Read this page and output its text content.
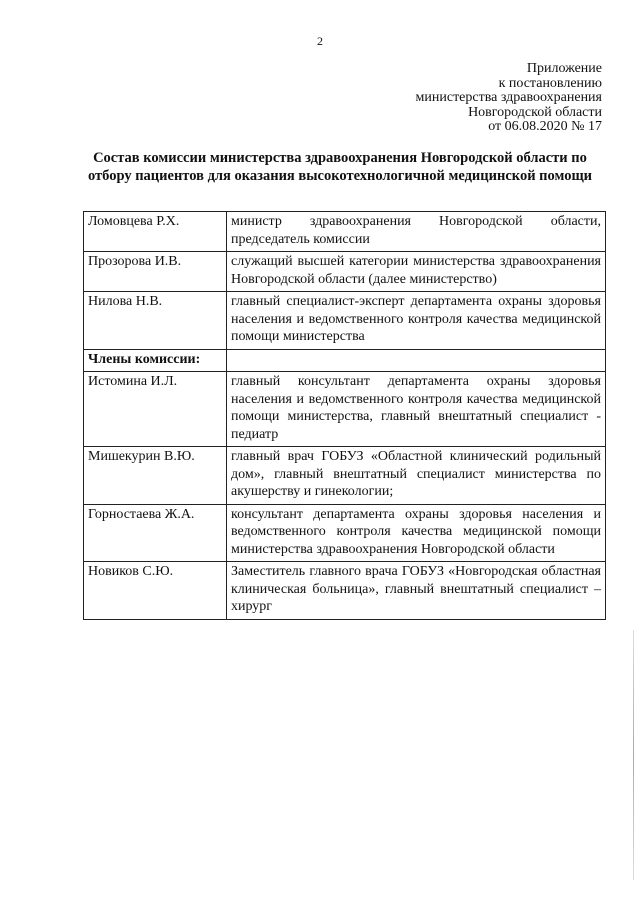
2
Приложение
к постановлению
министерства здравоохранения
Новгородской области
от 06.08.2020 № 17
Состав комиссии министерства здравоохранения Новгородской области по отбору пациентов для оказания высокотехнологичной медицинской помощи
Ломовцева Р.Х.	министр здравоохранения Новгородской области, председатель комиссии
Прозорова И.В.	служащий высшей категории министерства здравоохранения Новгородской области (далее министерство)
Нилова Н.В.	главный специалист-эксперт департамента охраны здоровья населения и ведомственного контроля качества медицинской помощи министерства
Члены комиссии:	
Истомина И.Л.	главный консультант департамента охраны здоровья населения и ведомственного контроля качества медицинской помощи министерства, главный внештатный специалист - педиатр
Мишекурин В.Ю.	главный врач ГОБУЗ «Областной клинический родильный дом», главный внештатный специалист министерства по акушерству и гинекологии;
Горностаева Ж.А.	консультант департамента охраны здоровья населения и ведомственного контроля качества медицинской помощи министерства здравоохранения Новгородской области
Новиков С.Ю.	Заместитель главного врача ГОБУЗ «Новгородская областная клиническая больница», главный внештатный специалист – хирург
